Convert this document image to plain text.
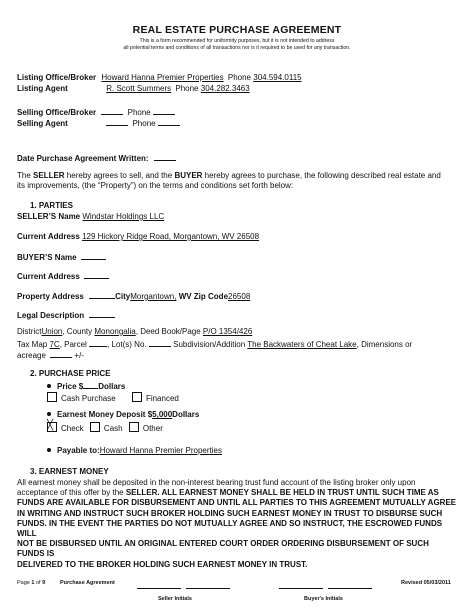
REAL ESTATE PURCHASE AGREEMENT
This is a form recommended for uniformity purposes, but it is not intended to address
all potential terms and conditions of all transactions nor is it required to be used for any transaction.
Listing Office/Broker Howard Hanna Premier Properties Phone 304.594.0115
Listing Agent	R. Scott Summers Phone 304.282.3463
Selling Office/Broker	Phone
Selling Agent	Phone
Date Purchase Agreement Written:
The SELLER hereby agrees to sell, and the BUYER hereby agrees to purchase, the following described real estate and
its improvements, (the “Property”) on the terms and conditions set forth below:
1. PARTIES
SELLER’S Name Windstar Holdings LLC
Current Address 129 Hickory Ridge Road, Morgantown, WV 26508
BUYER’S Name
Current Address
Property Address	CityMorgantown, WV Zip Code26508
Legal Description
DistrictUnion, County Monongalia, Deed Book/Page P/O 1354/426
Tax Map 7C, Parcel	, Lot(s) No.	Subdivision/Addition The Backwaters of Cheat Lake, Dimensions or
acreage	+/-
2. PURCHASE PRICE
Price $ Dollars
Cash Purchase	Financed
Earnest Money Deposit $5,000Dollars
╳Check	Cash	Other
Payable to:Howard Hanna Premier Properties
3. EARNEST MONEY
All earnest money shall be deposited in the non-interest bearing trust fund account of the listing broker only upon
acceptance of this offer by the SELLER. ALL EARNEST MONEY SHALL BE HELD IN TRUST UNTIL SUCH TIME AS
FUNDS ARE AVAILABLE FOR DISBURSEMENT AND UNTIL ALL PARTIES TO THIS AGREEMENT MUTUALLY AGREE
IN WRITING AND INSTRUCT SUCH BROKER HOLDING SUCH EARNEST MONEY IN TRUST TO DISBURSE SUCH
FUNDS. IN THE EVENT THE PARTIES DO NOT MUTUALLY AGREE AND SO INSTRUCT, THE ESCROWED FUNDS WILL
NOT BE DISBURSED UNTIL AN ORIGINAL ENTERED COURT ORDER ORDERING DISBURSEMENT OF SUCH FUNDS IS
DELIVERED TO THE BROKER HOLDING SUCH EARNEST MONEY IN TRUST.
Page 1 of 9	Purchase Agreement	Revised 05/03/2011
Seller Initials	Buyer's Initials
